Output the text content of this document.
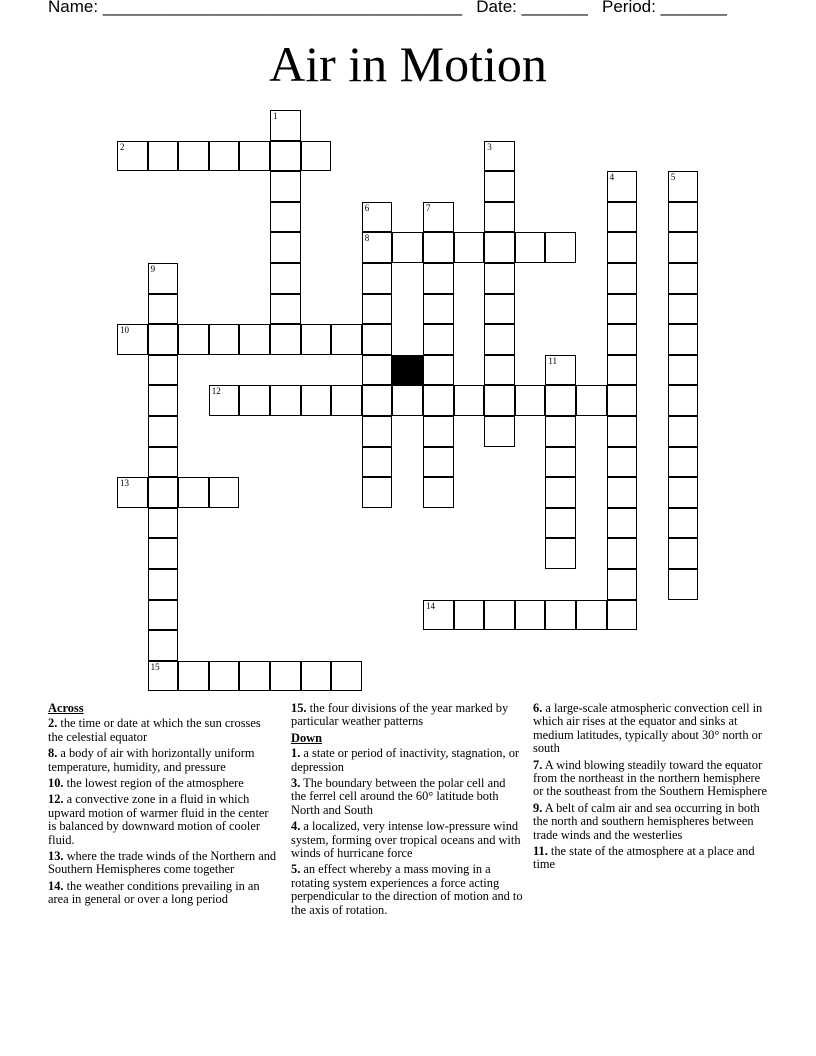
Name: ______________________________________ Date: _______ Period: _______
Air in Motion
1
2	3
4	5
6
8
7
9
15
10
11
12
13
14
Across
2. the time or date at which the sun crosses the celestial equator
8. a body of air with horizontally uniform temperature, humidity, and pressure
10. the lowest region of the atmosphere
12. a convective zone in a fluid in which upward motion of warmer fluid in the center is balanced by downward motion of cooler fluid.
13. where the trade winds of the Northern and Southern Hemispheres come together
14. the weather conditions prevailing in an area in general or over a long period
15. the four divisions of the year marked by particular weather patterns
Down
1. a state or period of inactivity, stagnation, or depression
3. The boundary between the polar cell and the ferrel cell around the 60° latitude both North and South
4. a localized, very intense low-pressure wind system, forming over tropical oceans and with winds of hurricane force
5. an effect whereby a mass moving in a rotating system experiences a force acting perpendicular to the direction of motion and to the axis of rotation.
6. a large-scale atmospheric convection cell in which air rises at the equator and sinks at medium latitudes, typically about 30° north or south
7. A wind blowing steadily toward the equator from the northeast in the northern hemisphere or the southeast from the Southern Hemisphere
9. A belt of calm air and sea occurring in both the north and southern hemispheres between trade winds and the westerlies
11. the state of the atmosphere at a place and time
